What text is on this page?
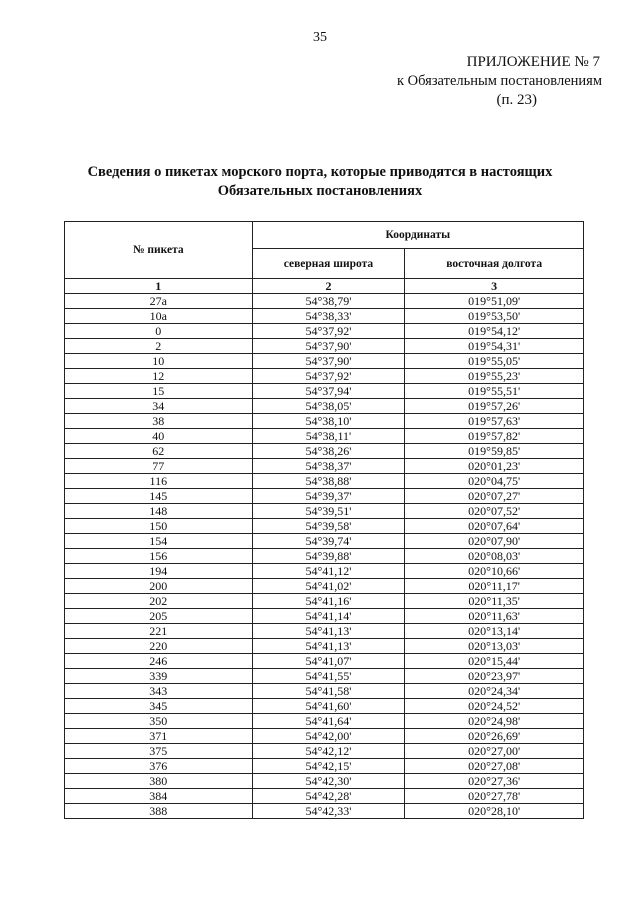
35
ПРИЛОЖЕНИЕ № 7
к Обязательным постановлениям
(п. 23)
Сведения о пикетах морского порта, которые приводятся в настоящих
Обязательных постановлениях
№ пикета	Координаты	
	северная широта	восточная долгота
1	2	3
27а	54°38,79'	019°51,09'
10а	54°38,33'	019°53,50'
0	54°37,92'	019°54,12'
2	54°37,90'	019°54,31'
10	54°37,90'	019°55,05'
12	54°37,92'	019°55,23'
15	54°37,94'	019°55,51'
34	54°38,05'	019°57,26'
38	54°38,10'	019°57,63'
40	54°38,11'	019°57,82'
62	54°38,26'	019°59,85'
77	54°38,37'	020°01,23'
116	54°38,88'	020°04,75'
145	54°39,37'	020°07,27'
148	54°39,51'	020°07,52'
150	54°39,58'	020°07,64'
154	54°39,74'	020°07,90'
156	54°39,88'	020°08,03'
194	54°41,12'	020°10,66'
200	54°41,02'	020°11,17'
202	54°41,16'	020°11,35'
205	54°41,14'	020°11,63'
221	54°41,13'	020°13,14'
220	54°41,13'	020°13,03'
246	54°41,07'	020°15,44'
339	54°41,55'	020°23,97'
343	54°41,58'	020°24,34'
345	54°41,60'	020°24,52'
350	54°41,64'	020°24,98'
371	54°42,00'	020°26,69'
375	54°42,12'	020°27,00'
376	54°42,15'	020°27,08'
380	54°42,30'	020°27,36'
384	54°42,28'	020°27,78'
388	54°42,33'	020°28,10'
